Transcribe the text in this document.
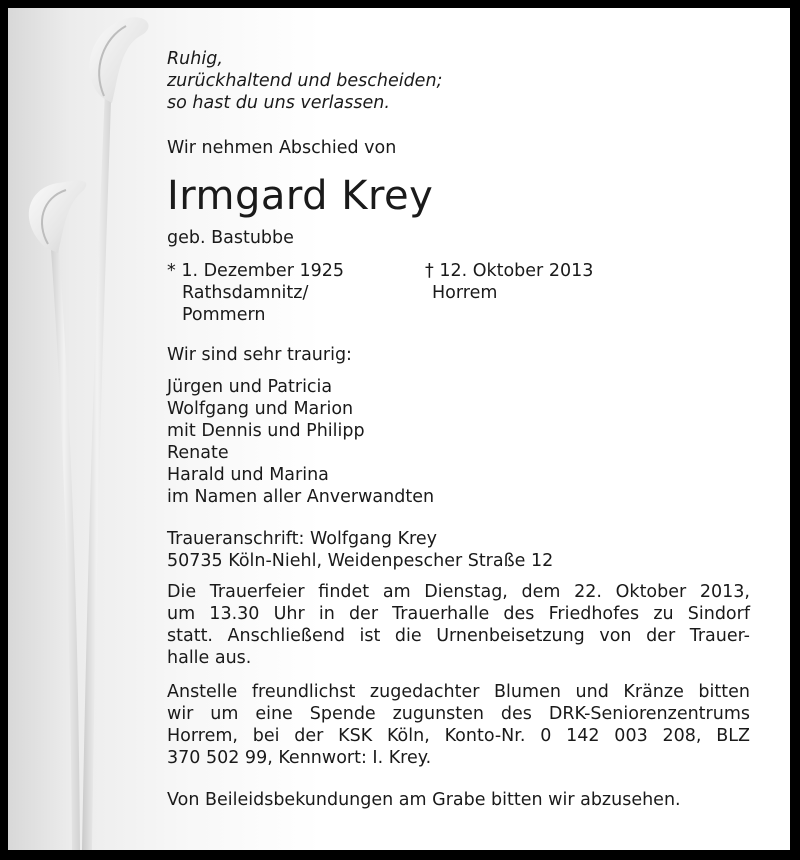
Ruhig,

zurückhaltend und bescheiden;

so hast du uns verlassen.

Wir nehmen Abschied von

Irmgard Krey

geb. Bastubbe

* 1. Dezember 1925

Rathsdamnitz/

Pommern

† 12. Oktober 2013

Horrem

Wir sind sehr traurig:

Jürgen und Patricia

Wolfgang und Marion

mit Dennis und Philipp

Renate

Harald und Marina

im Namen aller Anverwandten

Traueranschrift: Wolfgang Krey

50735 Köln-Niehl, Weidenpescher Straße 12

Die Trauerfeier findet am Dienstag, dem 22. Oktober 2013,
um 13.30 Uhr in der Trauerhalle des Friedhofes zu Sindorf
statt. Anschließend ist die Urnenbeisetzung von der Trauer-
halle aus.
Anstelle freundlichst zugedachter Blumen und Kränze bitten
wir um eine Spende zugunsten des DRK-Seniorenzentrums
Horrem, bei der KSK Köln, Konto-Nr. 0 142 003 208, BLZ
370 502 99, Kennwort: I. Krey.

Von Beileidsbekundungen am Grabe bitten wir abzusehen.
